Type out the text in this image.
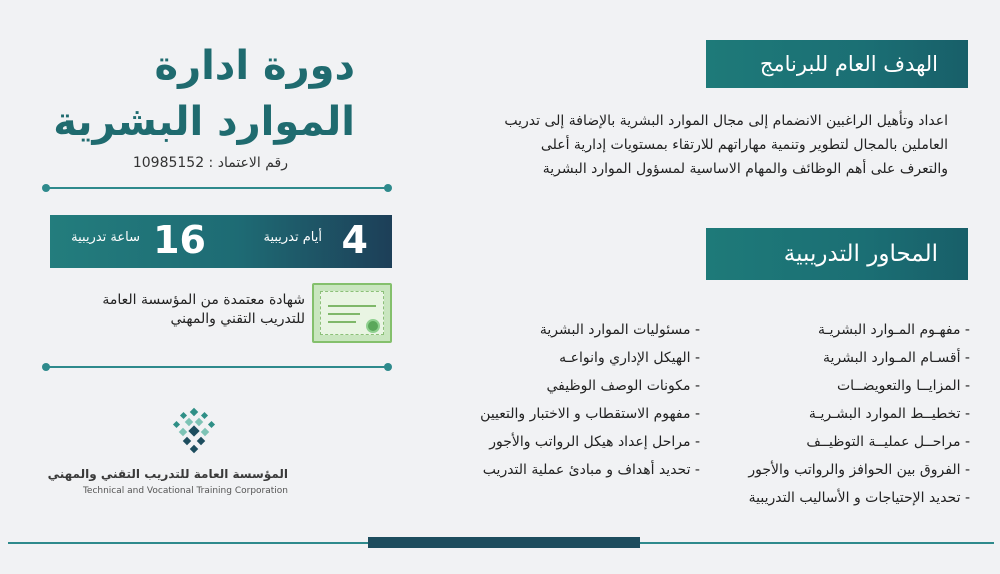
دورة ادارة
الموارد البشرية
رقم الاعتماد : 10985152
4
أيام تدريبية
16
ساعة تدريبية
شهادة معتمدة من المؤسسة العامة
للتدريب التقني والمهني
المؤسسة العامة للتدريب التقني والمهني
Technical and Vocational Training Corporation
الهدف العام للبرنامج
اعداد وتأهيل الراغبين الانضمام إلى مجال الموارد البشرية بالإضافة إلى تدريب
العاملين بالمجال لتطوير وتنمية مهاراتهم للارتقاء بمستويات إدارية أعلى
والتعرف على أهم الوظائف والمهام الاساسية لمسؤول الموارد البشرية
المحاور التدريبية
- مفهـوم المـوارد البشريـة
- أقسـام المـوارد البشرية
- المزايــا والتعويضــات
- تخطيــط الموارد البشـريـة
- مراحــل عمليــة التوظيــف
- الفروق بين الحوافز والرواتب والأجور
- تحديد الإحتياجات و الأساليب التدريبية
- مسئوليات الموارد البشرية
- الهيكل الإداري وانواعـه
- مكونات الوصف الوظيفي
- مفهوم الاستقطاب و الاختبار والتعيين
- مراحل إعداد هيكل الرواتب والأجور
- تحديد أهداف و مبادئ عملية التدريب
